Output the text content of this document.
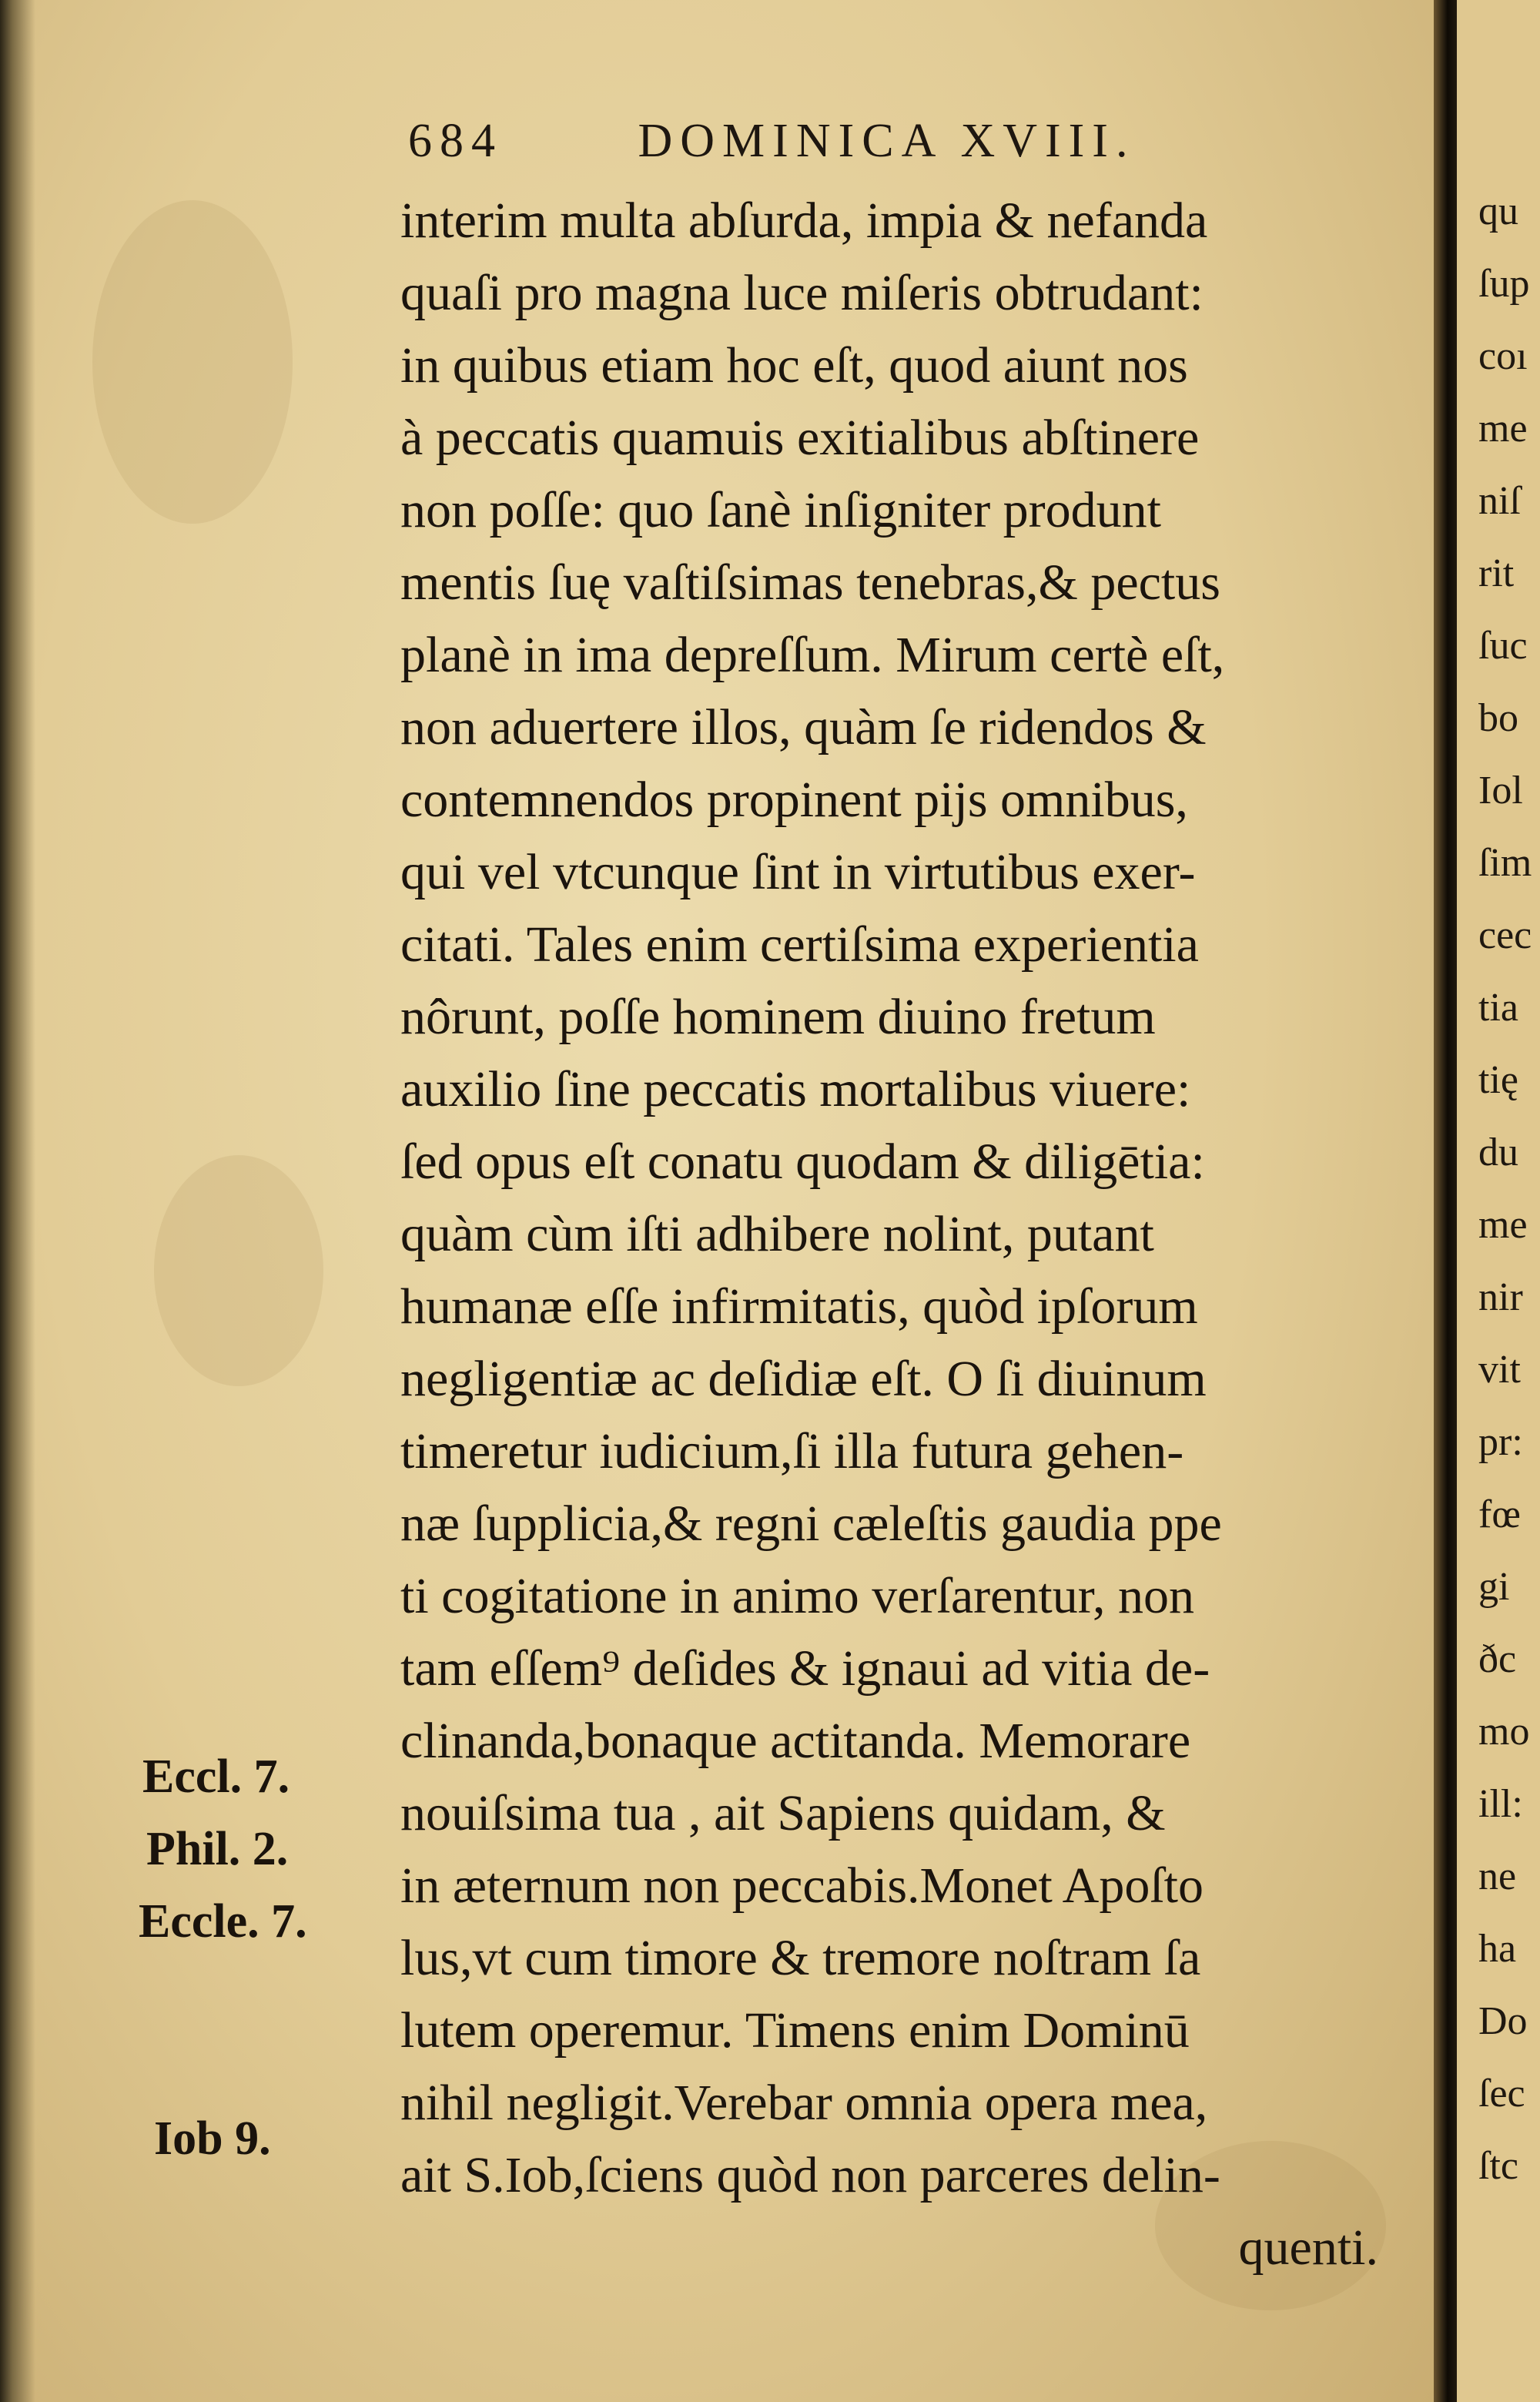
684	DOMINICA XVIII.
interim multa abſurda, impia & nefanda
quaſi pro magna luce miſeris obtrudant:
in quibus etiam hoc eſt, quod aiunt nos
à peccatis quamuis exitialibus abſtinere
non poſſe: quo ſanè inſigniter produnt
mentis ſuę vaſtiſsimas tenebras,& pectus
planè in ima depreſſum. Mirum certè eſt,
non aduertere illos, quàm ſe ridendos &
contemnendos propinent pijs omnibus,
qui vel vtcunque ſint in virtutibus exer-
citati. Tales enim certiſsima experientia
nôrunt, poſſe hominem diuino fretum
auxilio ſine peccatis mortalibus viuere:
ſed opus eſt conatu quodam & diligētia:
quàm cùm iſti adhibere nolint, putant
humanæ eſſe infirmitatis, quòd ipſorum
negligentiæ ac deſidiæ eſt. O ſi diuinum
timeretur iudicium,ſi illa futura gehen-
næ ſupplicia,& regni cæleſtis gaudia ppe
ti cogitatione in animo verſarentur, non
tam eſſem⁹ deſides & ignaui ad vitia de-
clinanda,bonaque actitanda. Memorare
nouiſsima tua , ait Sapiens quidam, &
in æternum non peccabis.Monet Apoſto
lus,vt cum timore & tremore noſtram ſa
lutem operemur. Timens enim Dominū
nihil negligit.Verebar omnia opera mea,
ait S.Iob,ſciens quòd non parceres delin-
quenti.
Eccl. 7.
Phil. 2.
Eccle. 7.
Iob 9.
qu
ſup
coı
me
niſ
rit
ſuc
bo
Iol
ſim
cec
tia
tię
du
me
nir
vit
pr:
fœ
gi
ðc
mo
ill:
ne
ha
Do
ſec
ſtc
